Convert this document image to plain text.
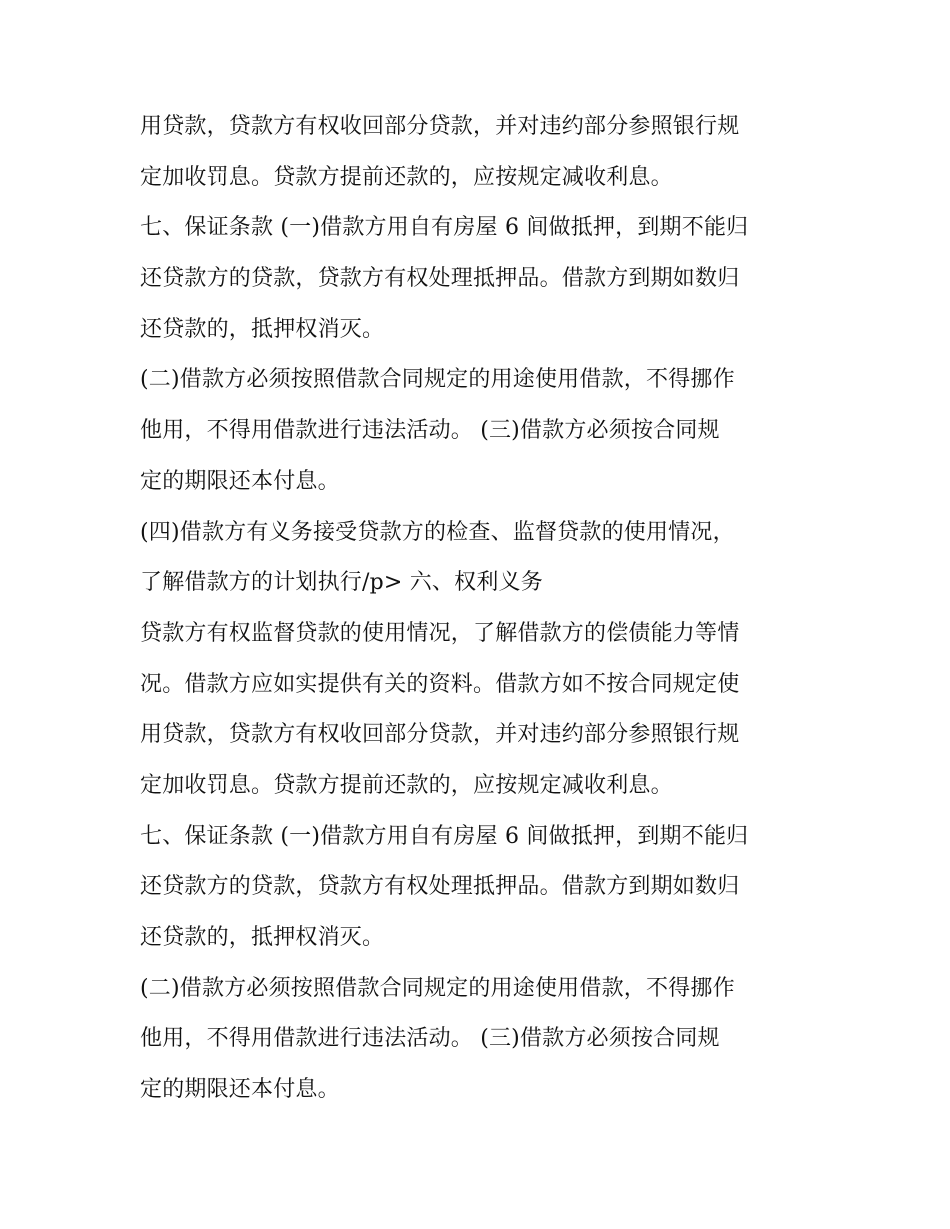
用贷款，贷款方有权收回部分贷款，并对违约部分参照银行规
定加收罚息。贷款方提前还款的，应按规定减收利息。
七、保证条款 (一)借款方用自有房屋 6 间做抵押，到期不能归
还贷款方的贷款，贷款方有权处理抵押品。借款方到期如数归
还贷款的，抵押权消灭。
(二)借款方必须按照借款合同规定的用途使用借款，不得挪作
他用，不得用借款进行违法活动。 (三)借款方必须按合同规
定的期限还本付息。
(四)借款方有义务接受贷款方的检查、监督贷款的使用情况，
了解借款方的计划执行/p> 六、权利义务
贷款方有权监督贷款的使用情况，了解借款方的偿债能力等情
况。借款方应如实提供有关的资料。借款方如不按合同规定使
用贷款，贷款方有权收回部分贷款，并对违约部分参照银行规
定加收罚息。贷款方提前还款的，应按规定减收利息。
七、保证条款 (一)借款方用自有房屋 6 间做抵押，到期不能归
还贷款方的贷款，贷款方有权处理抵押品。借款方到期如数归
还贷款的，抵押权消灭。
(二)借款方必须按照借款合同规定的用途使用借款，不得挪作
他用，不得用借款进行违法活动。 (三)借款方必须按合同规
定的期限还本付息。
